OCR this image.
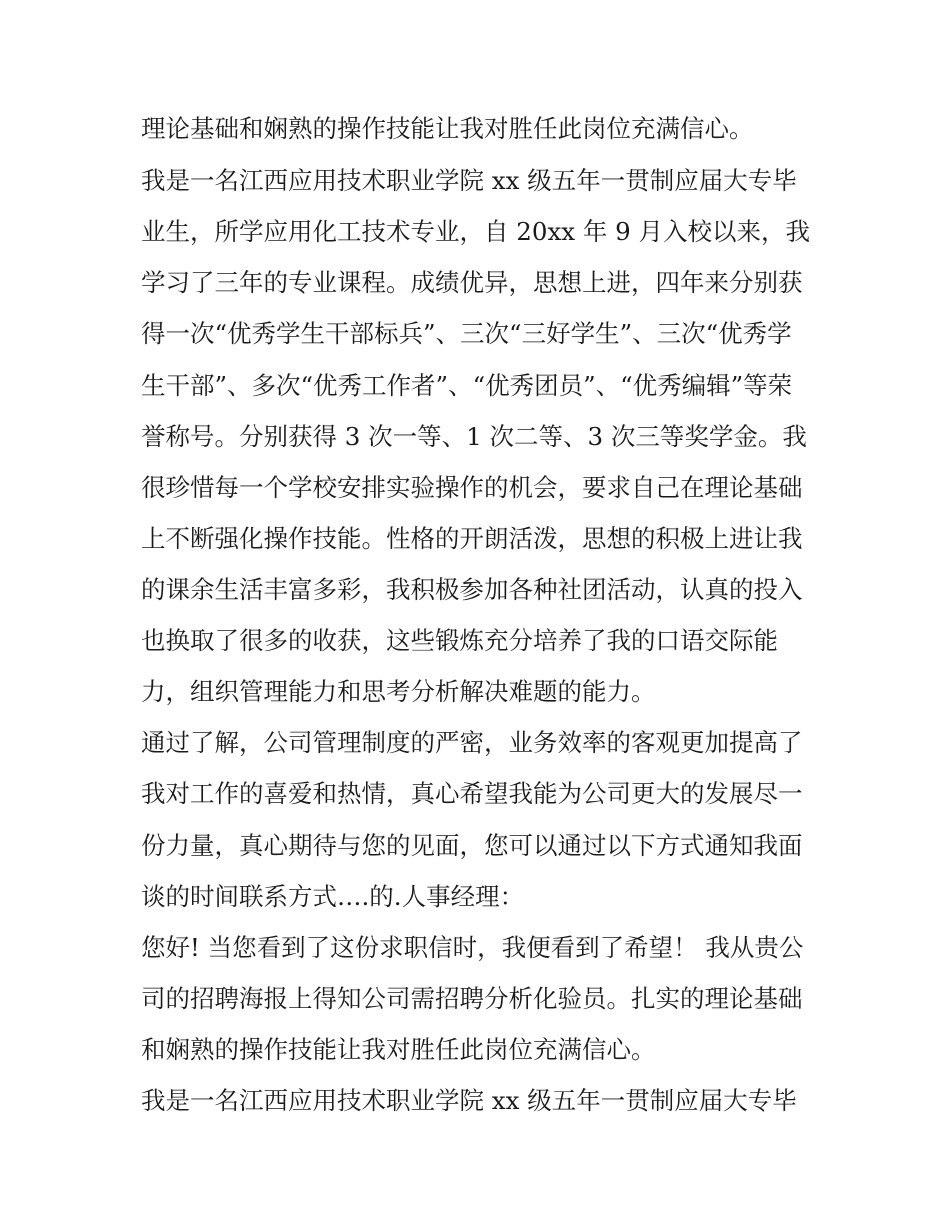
理论基础和娴熟的操作技能让我对胜任此岗位充满信心。
我是一名江西应用技术职业学院 xx 级五年一贯制应届大专毕
业生，所学应用化工技术专业，自 20xx 年 9 月入校以来，我
学习了三年的专业课程。成绩优异，思想上进，四年来分别获
得一次“优秀学生干部标兵”、三次“三好学生”、三次“优秀学
生干部”、多次“优秀工作者”、“优秀团员”、“优秀编辑”等荣
誉称号。分别获得 3 次一等、1 次二等、3 次三等奖学金。我
很珍惜每一个学校安排实验操作的机会，要求自己在理论基础
上不断强化操作技能。性格的开朗活泼，思想的积极上进让我
的课余生活丰富多彩，我积极参加各种社团活动，认真的投入
也换取了很多的收获，这些锻炼充分培养了我的口语交际能
力，组织管理能力和思考分析解决难题的能力。
通过了解，公司管理制度的严密，业务效率的客观更加提高了
我对工作的喜爱和热情，真心希望我能为公司更大的发展尽一
份力量，真心期待与您的见面，您可以通过以下方式通知我面
谈的时间联系方式….的.人事经理：
您好! 当您看到了这份求职信时，我便看到了希望！ 我从贵公
司的招聘海报上得知公司需招聘分析化验员。扎实的理论基础
和娴熟的操作技能让我对胜任此岗位充满信心。
我是一名江西应用技术职业学院 xx 级五年一贯制应届大专毕
